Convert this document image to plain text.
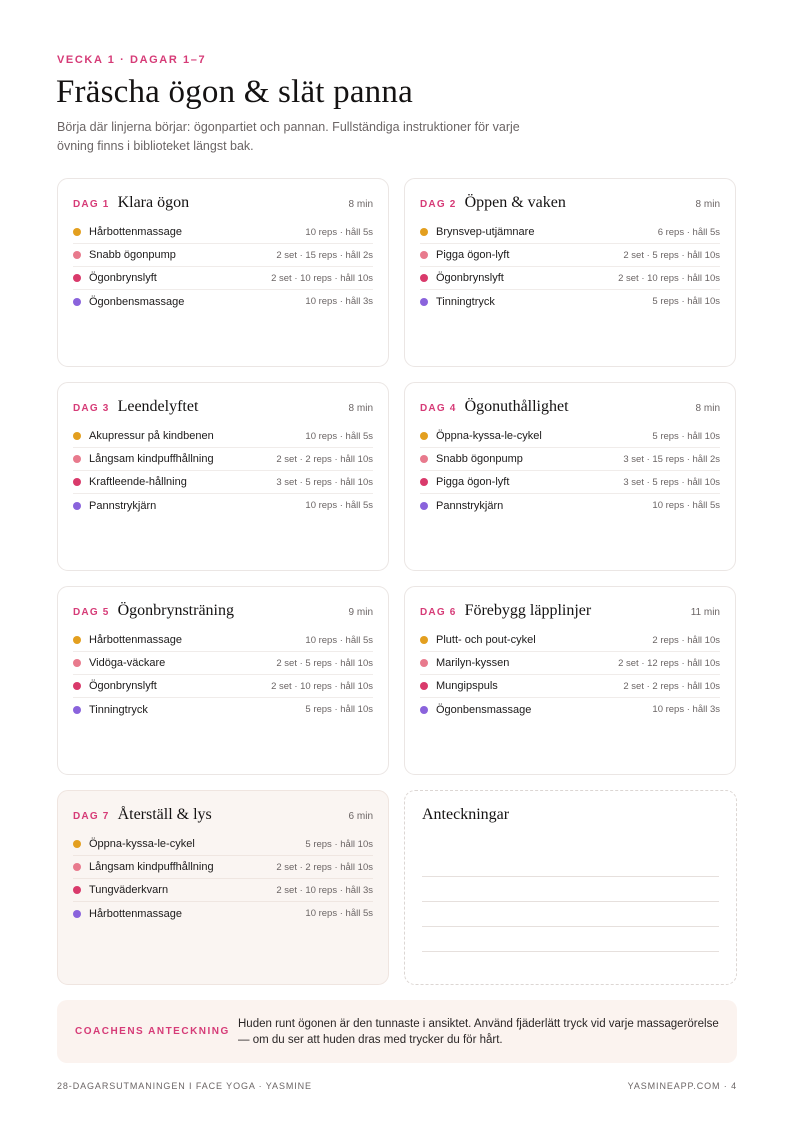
VECKA 1 · DAGAR 1–7
Fräscha ögon & slät panna

Börja där linjerna börjar: ögonpartiet och pannan. Fullständiga instruktioner för varje övning finns i biblioteket längst bak.

DAG 1 Klara ögon	8 min
Hårbottenmassage	10 reps · håll 5s
Snabb ögonpump	2 set · 15 reps · håll 2s
Ögonbrynslyft	2 set · 10 reps · håll 10s
Ögonbensmassage	10 reps · håll 3s
DAG 2 Öppen & vaken	8 min
Brynsvep-utjämnare	6 reps · håll 5s
Pigga ögon-lyft	2 set · 5 reps · håll 10s
Ögonbrynslyft	2 set · 10 reps · håll 10s
Tinningtryck	5 reps · håll 10s
DAG 3 Leendelyftet	8 min
Akupressur på kindbenen	10 reps · håll 5s
Långsam kindpuffhållning	2 set · 2 reps · håll 10s
Kraftleende-hållning	3 set · 5 reps · håll 10s
Pannstrykjärn	10 reps · håll 5s
DAG 4 Ögonuthållighet	8 min
Öppna-kyssa-le-cykel	5 reps · håll 10s
Snabb ögonpump	3 set · 15 reps · håll 2s
Pigga ögon-lyft	3 set · 5 reps · håll 10s
Pannstrykjärn	10 reps · håll 5s
DAG 5 Ögonbrynsträning	9 min
Hårbottenmassage	10 reps · håll 5s
Vidöga-väckare	2 set · 5 reps · håll 10s
Ögonbrynslyft	2 set · 10 reps · håll 10s
Tinningtryck	5 reps · håll 10s
DAG 6 Förebygg läpplinjer	11 min
Plutt- och pout-cykel	2 reps · håll 10s
Marilyn-kyssen	2 set · 12 reps · håll 10s
Mungipspuls	2 set · 2 reps · håll 10s
Ögonbensmassage	10 reps · håll 3s
DAG 7 Återställ & lys	6 min
Öppna-kyssa-le-cykel	5 reps · håll 10s
Långsam kindpuffhållning	2 set · 2 reps · håll 10s
Tungväderkvarn	2 set · 10 reps · håll 3s
Hårbottenmassage	10 reps · håll 5s
Anteckningar
COACHENS ANTECKNING
Huden runt ögonen är den tunnaste i ansiktet. Använd fjäderlätt tryck vid varje massagerörelse — om du ser att huden dras med trycker du för hårt.
28-DAGARSUTMANINGEN I FACE YOGA · YASMINE	YASMINEAPP.COM · 4
